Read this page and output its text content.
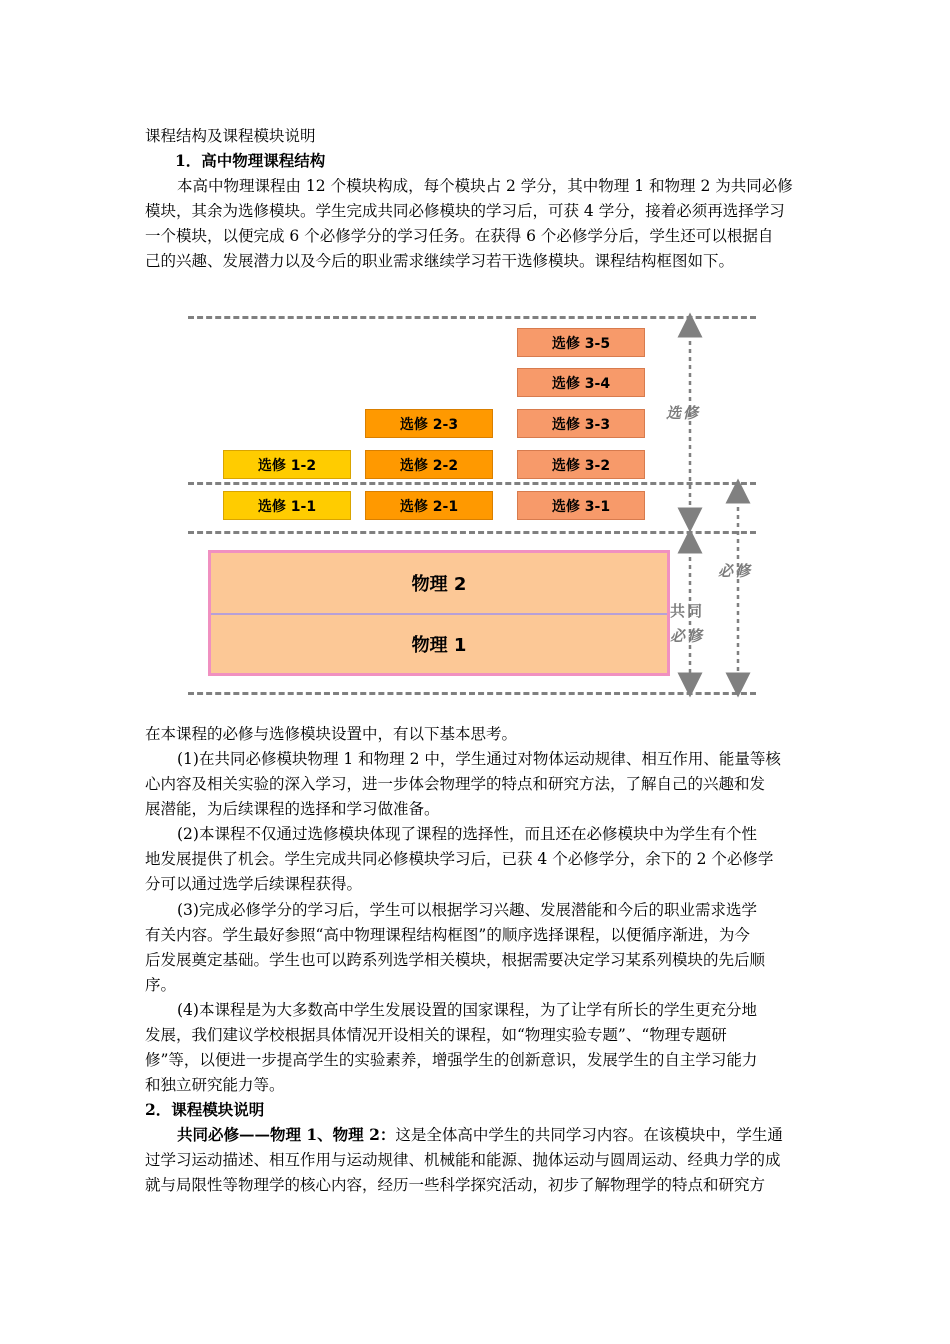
课程结构及课程模块说明
1．高中物理课程结构
本高中物理课程由 12 个模块构成，每个模块占 2 学分，其中物理 1 和物理 2 为共同必修
模块，其余为选修模块。学生完成共同必修模块的学习后，可获 4 学分，接着必须再选择学习
一个模块，以便完成 6 个必修学分的学习任务。在获得 6 个必修学分后，学生还可以根据自
己的兴趣、发展潜力以及今后的职业需求继续学习若干选修模块。课程结构框图如下。
选修 1-2
选修 1-1
选修 2-3
选修 2-2
选修 2-1
选修 3-5
选修 3-4
选修 3-3
选修 3-2
选修 3-1
物理 2
物理 1
选修
必修
共同
必修
在本课程的必修与选修模块设置中，有以下基本思考。
(1)在共同必修模块物理 1 和物理 2 中，学生通过对物体运动规律、相互作用、能量等核
心内容及相关实验的深入学习，进一步体会物理学的特点和研究方法，了解自己的兴趣和发
展潜能，为后续课程的选择和学习做准备。
(2)本课程不仅通过选修模块体现了课程的选择性，而且还在必修模块中为学生有个性
地发展提供了机会。学生完成共同必修模块学习后，已获 4 个必修学分，余下的 2 个必修学
分可以通过选学后续课程获得。
(3)完成必修学分的学习后，学生可以根据学习兴趣、发展潜能和今后的职业需求选学
有关内容。学生最好参照“高中物理课程结构框图”的顺序选择课程，以便循序渐进，为今
后发展奠定基础。学生也可以跨系列选学相关模块，根据需要决定学习某系列模块的先后顺
序。
(4)本课程是为大多数高中学生发展设置的国家课程，为了让学有所长的学生更充分地
发展，我们建议学校根据具体情况开设相关的课程，如“物理实验专题”、“物理专题研
修”等，以便进一步提高学生的实验素养，增强学生的创新意识，发展学生的自主学习能力
和独立研究能力等。
2．课程模块说明
共同必修——物理 1、物理 2：这是全体高中学生的共同学习内容。在该模块中，学生通
过学习运动描述、相互作用与运动规律、机械能和能源、抛体运动与圆周运动、经典力学的成
就与局限性等物理学的核心内容，经历一些科学探究活动，初步了解物理学的特点和研究方
